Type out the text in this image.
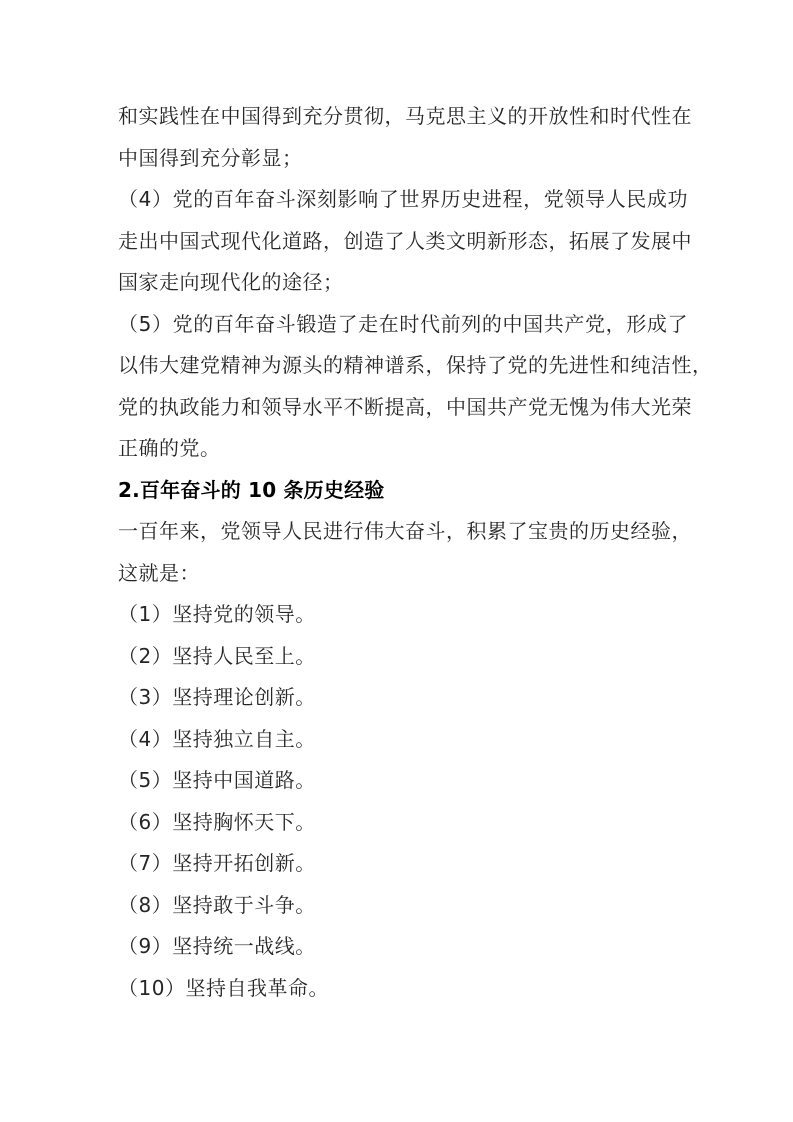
和实践性在中国得到充分贯彻，马克思主义的开放性和时代性在
中国得到充分彰显；
（4）党的百年奋斗深刻影响了世界历史进程，党领导人民成功
走出中国式现代化道路，创造了人类文明新形态，拓展了发展中
国家走向现代化的途径；
（5）党的百年奋斗锻造了走在时代前列的中国共产党，形成了
以伟大建党精神为源头的精神谱系，保持了党的先进性和纯洁性，
党的执政能力和领导水平不断提高，中国共产党无愧为伟大光荣
正确的党。
2.百年奋斗的 10 条历史经验
一百年来，党领导人民进行伟大奋斗，积累了宝贵的历史经验，
这就是：
（1）坚持党的领导。
（2）坚持人民至上。
（3）坚持理论创新。
（4）坚持独立自主。
（5）坚持中国道路。
（6）坚持胸怀天下。
（7）坚持开拓创新。
（8）坚持敢于斗争。
（9）坚持统一战线。
（10）坚持自我革命。
